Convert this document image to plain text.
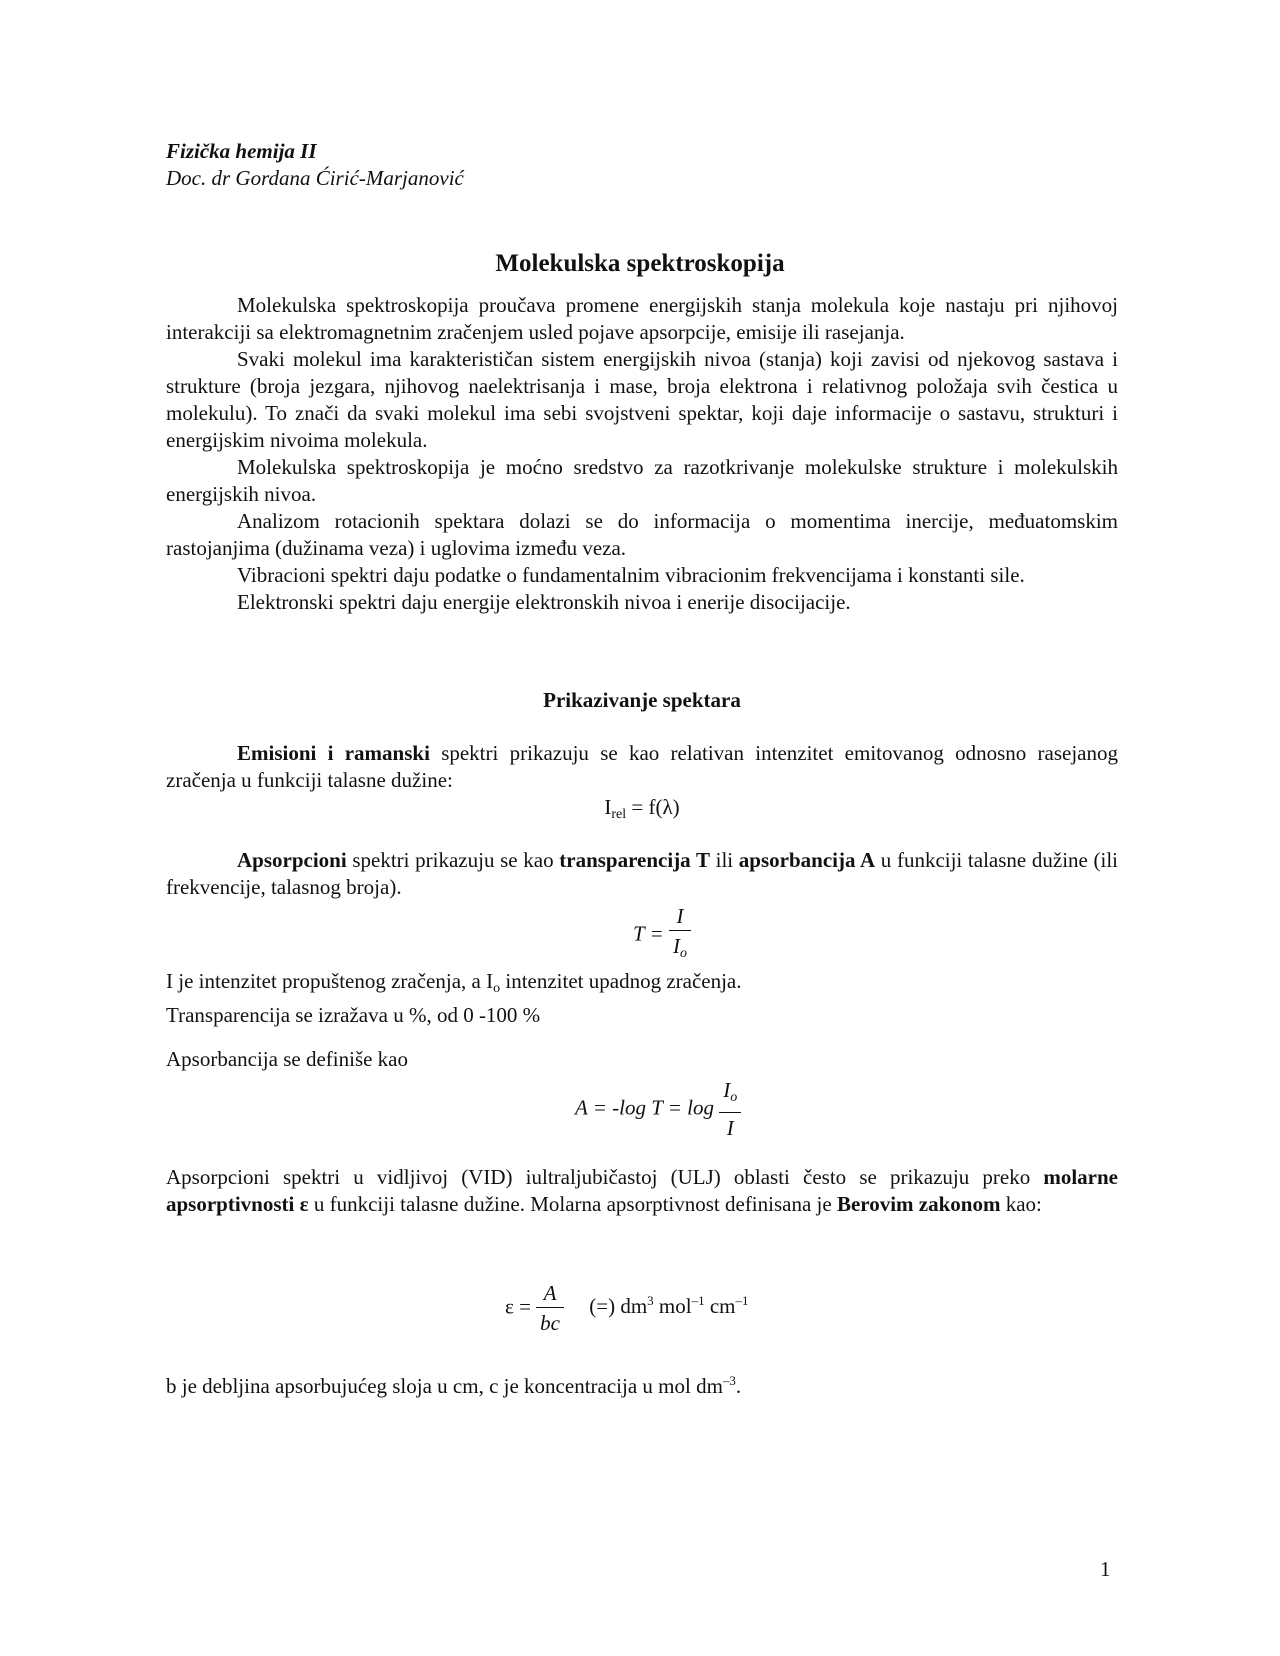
Fizička hemija II
Doc. dr Gordana Ćirić-Marjanović
Molekulska spektroskopija

Molekulska spektroskopija proučava promene energijskih stanja molekula koje nastaju pri njihovoj interakciji sa elektromagnetnim zračenjem usled pojave apsorpcije, emisije ili rasejanja.

Svaki molekul ima karakterističan sistem energijskih nivoa (stanja) koji zavisi od njekovog sastava i strukture (broja jezgara, njihovog naelektrisanja i mase, broja elektrona i relativnog položaja svih čestica u molekulu). To znači da svaki molekul ima sebi svojstveni spektar, koji daje informacije o sastavu, strukturi i energijskim nivoima molekula.

Molekulska spektroskopija je moćno sredstvo za razotkrivanje molekulske strukture i molekulskih energijskih nivoa.

Analizom rotacionih spektara dolazi se do informacija o momentima inercije, međuatomskim rastojanjima (dužinama veza) i uglovima između veza.

Vibracioni spektri daju podatke o fundamentalnim vibracionim frekvencijama i konstanti sile.

Elektronski spektri daju energije elektronskih nivoa i enerije disocijacije.

Prikazivanje spektara

Emisioni i ramanski spektri prikazuju se kao relativan intenzitet emitovanog odnosno rasejanog zračenja u funkciji talasne dužine:

$I_{rel} = f(\lambda)$

Apsorpcioni spektri prikazuju se kao transparencija T ili apsorbancija A u funkciji talasne dužine (ili frekvencije, talasnog broja).

$T = \frac{I}{I_o}$

I je intenzitet propuštenog zračenja, a $I_o$ intenzitet upadnog zračenja.

Transparencija se izražava u %, od 0 -100 %

Apsorbancija se definiše kao
A = -log $T = \log \frac{I_o}{I}$

Apsorpcioni spektri u vidljivoj (VID) iultraljubičastoj (ULJ) oblasti često se prikazuju preko molarne apsorptivnosti ε u funkciji talasne dužine. Molarna apsorptivnost definisana je Berovim zakonom kao:

$\varepsilon = \frac{A}{bc}$ (=) $dm^3$ mol$^{-1}$ $cm^{-1}$

b je debljina apsorbujućeg sloja u cm, c je koncentracija u mol $dm^{-3}$.

1
